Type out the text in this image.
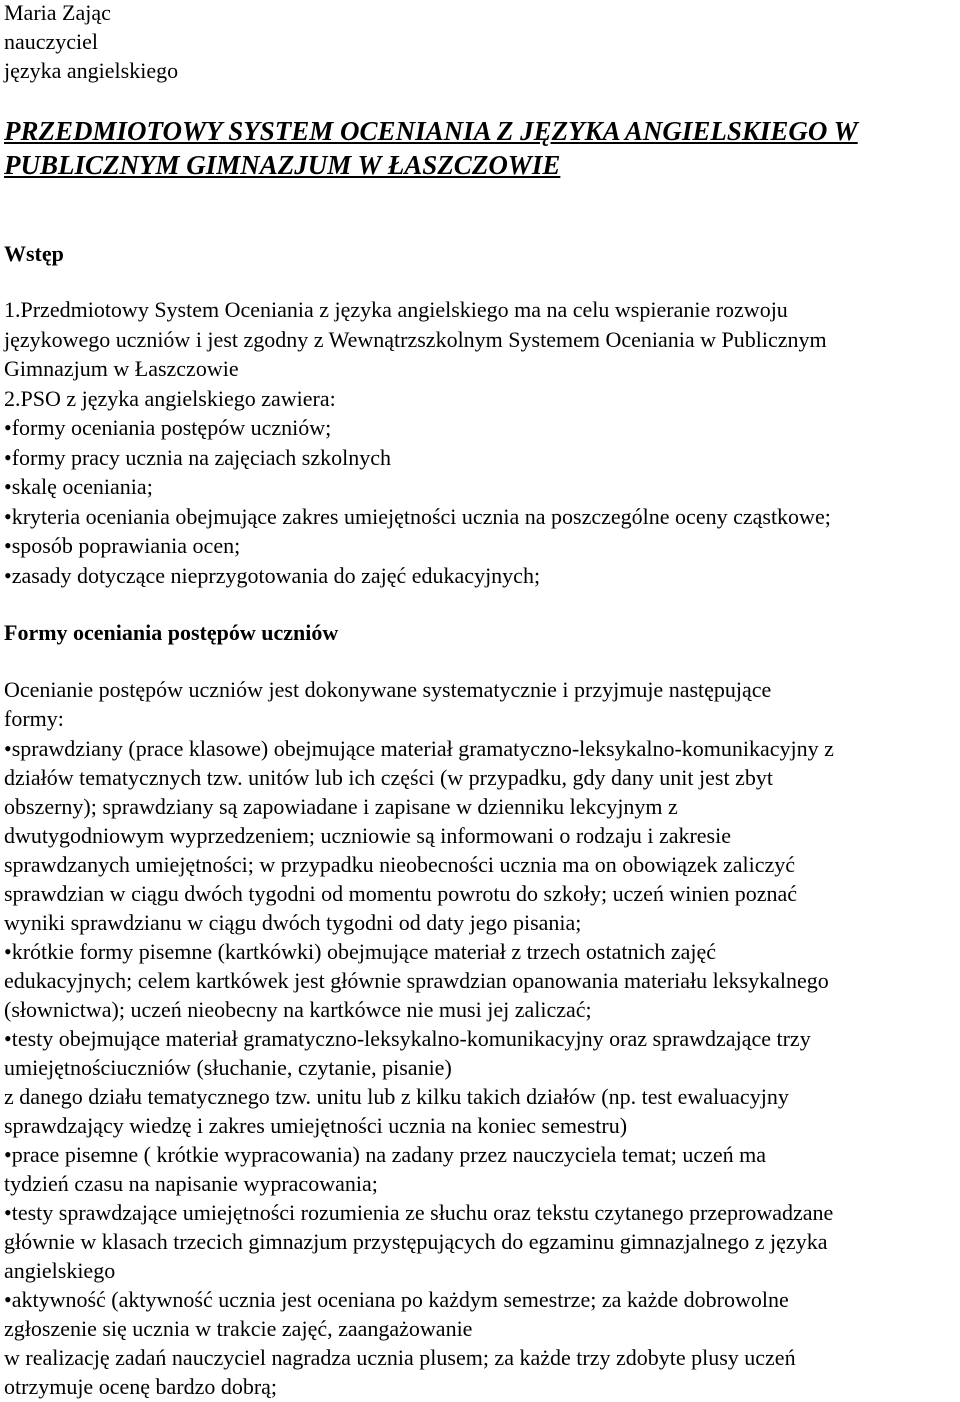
Maria Zając
nauczyciel
języka angielskiego
PRZEDMIOTOWY SYSTEM OCENIANIA Z JĘZYKA ANGIELSKIEGO W
PUBLICZNYM GIMNAZJUM W ŁASZCZOWIE
Wstęp
1.Przedmiotowy System Oceniania z języka angielskiego ma na celu wspieranie rozwoju
językowego uczniów i jest zgodny z Wewnątrzszkolnym Systemem Oceniania w Publicznym
Gimnazjum w Łaszczowie
2.PSO z języka angielskiego zawiera:
•formy oceniania postępów uczniów;
•formy pracy ucznia na zajęciach szkolnych
•skalę oceniania;
•kryteria oceniania obejmujące zakres umiejętności ucznia na poszczególne oceny cząstkowe;
•sposób poprawiania ocen;
•zasady dotyczące nieprzygotowania do zajęć edukacyjnych;
Formy oceniania postępów uczniów
Ocenianie postępów uczniów jest dokonywane systematycznie i przyjmuje następujące
formy:
•sprawdziany (prace klasowe) obejmujące materiał gramatyczno-leksykalno-komunikacyjny z
działów tematycznych tzw. unitów lub ich części (w przypadku, gdy dany unit jest zbyt
obszerny); sprawdziany są zapowiadane i zapisane w dzienniku lekcyjnym z
dwutygodniowym wyprzedzeniem; uczniowie są informowani o rodzaju i zakresie
sprawdzanych umiejętności; w przypadku nieobecności ucznia ma on obowiązek zaliczyć
sprawdzian w ciągu dwóch tygodni od momentu powrotu do szkoły; uczeń winien poznać
wyniki sprawdzianu w ciągu dwóch tygodni od daty jego pisania;
•krótkie formy pisemne (kartkówki) obejmujące materiał z trzech ostatnich zajęć
edukacyjnych; celem kartkówek jest głównie sprawdzian opanowania materiału leksykalnego
(słownictwa); uczeń nieobecny na kartkówce nie musi jej zaliczać;
•testy obejmujące materiał gramatyczno-leksykalno-komunikacyjny oraz sprawdzające trzy
umiejętnościuczniów (słuchanie, czytanie, pisanie)
z danego działu tematycznego tzw. unitu lub z kilku takich działów (np. test ewaluacyjny
sprawdzający wiedzę i zakres umiejętności ucznia na koniec semestru)
•prace pisemne ( krótkie wypracowania) na zadany przez nauczyciela temat; uczeń ma
tydzień czasu na napisanie wypracowania;
•testy sprawdzające umiejętności rozumienia ze słuchu oraz tekstu czytanego przeprowadzane
głównie w klasach trzecich gimnazjum przystępujących do egzaminu gimnazjalnego z języka
angielskiego
•aktywność (aktywność ucznia jest oceniana po każdym semestrze; za każde dobrowolne
zgłoszenie się ucznia w trakcie zajęć, zaangażowanie
w realizację zadań nauczyciel nagradza ucznia plusem; za każde trzy zdobyte plusy uczeń
otrzymuje ocenę bardzo dobrą;
